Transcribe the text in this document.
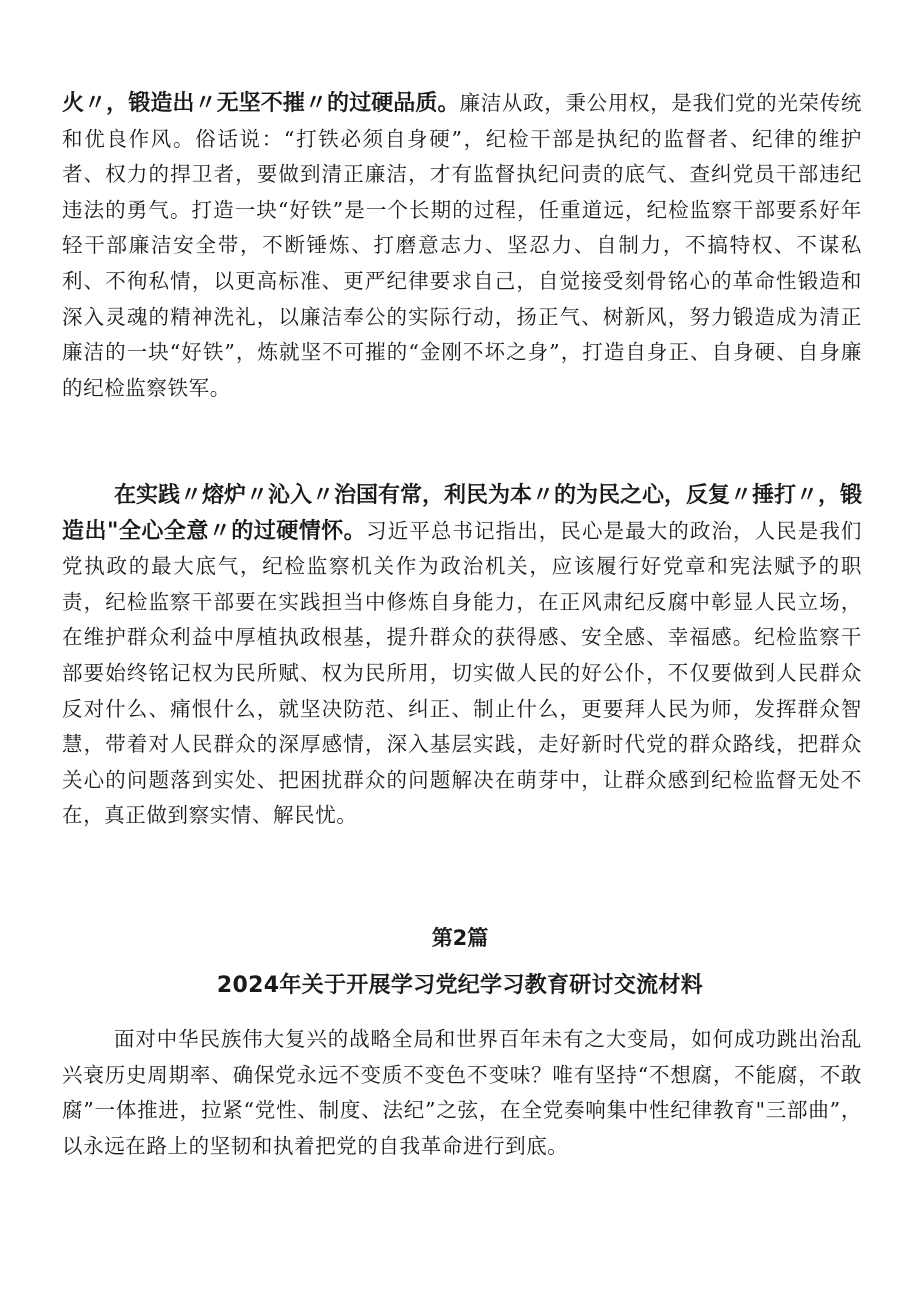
火〃，锻造出〃无坚不摧〃的过硬品质。廉洁从政，秉公用权，是我们党的光荣传统和优良作风。俗话说：“打铁必须自身硬”，纪检干部是执纪的监督者、纪律的维护者、权力的捍卫者，要做到清正廉洁，才有监督执纪问责的底气、查纠党员干部违纪违法的勇气。打造一块“好铁”是一个长期的过程，任重道远，纪检监察干部要系好年轻干部廉洁安全带，不断锤炼、打磨意志力、坚忍力、自制力，不搞特权、不谋私利、不徇私情，以更高标准、更严纪律要求自己，自觉接受刻骨铭心的革命性锻造和深入灵魂的精神洗礼，以廉洁奉公的实际行动，扬正气、树新风，努力锻造成为清正廉洁的一块“好铁”，炼就坚不可摧的“金刚不坏之身”，打造自身正、自身硬、自身廉的纪检监察铁军。

在实践〃熔炉〃沁入〃治国有常，利民为本〃的为民之心，反复〃捶打〃，锻造出"全心全意〃的过硬情怀。习近平总书记指出，民心是最大的政治，人民是我们党执政的最大底气，纪检监察机关作为政治机关，应该履行好党章和宪法赋予的职责，纪检监察干部要在实践担当中修炼自身能力，在正风肃纪反腐中彰显人民立场，在维护群众利益中厚植执政根基，提升群众的获得感、安全感、幸福感。纪检监察干部要始终铭记权为民所赋、权为民所用，切实做人民的好公仆，不仅要做到人民群众反对什么、痛恨什么，就坚决防范、纠正、制止什么，更要拜人民为师，发挥群众智慧，带着对人民群众的深厚感情，深入基层实践，走好新时代党的群众路线，把群众关心的问题落到实处、把困扰群众的问题解决在萌芽中，让群众感到纪检监督无处不在，真正做到察实情、解民忧。

第2篇

2024年关于开展学习党纪学习教育研讨交流材料

面对中华民族伟大复兴的战略全局和世界百年未有之大变局，如何成功跳出治乱兴衰历史周期率、确保党永远不变质不变色不变味？唯有坚持“不想腐，不能腐，不敢腐”一体推进，拉紧“党性、制度、法纪”之弦，在全党奏响集中性纪律教育"三部曲”，以永远在路上的坚韧和执着把党的自我革命进行到底。
